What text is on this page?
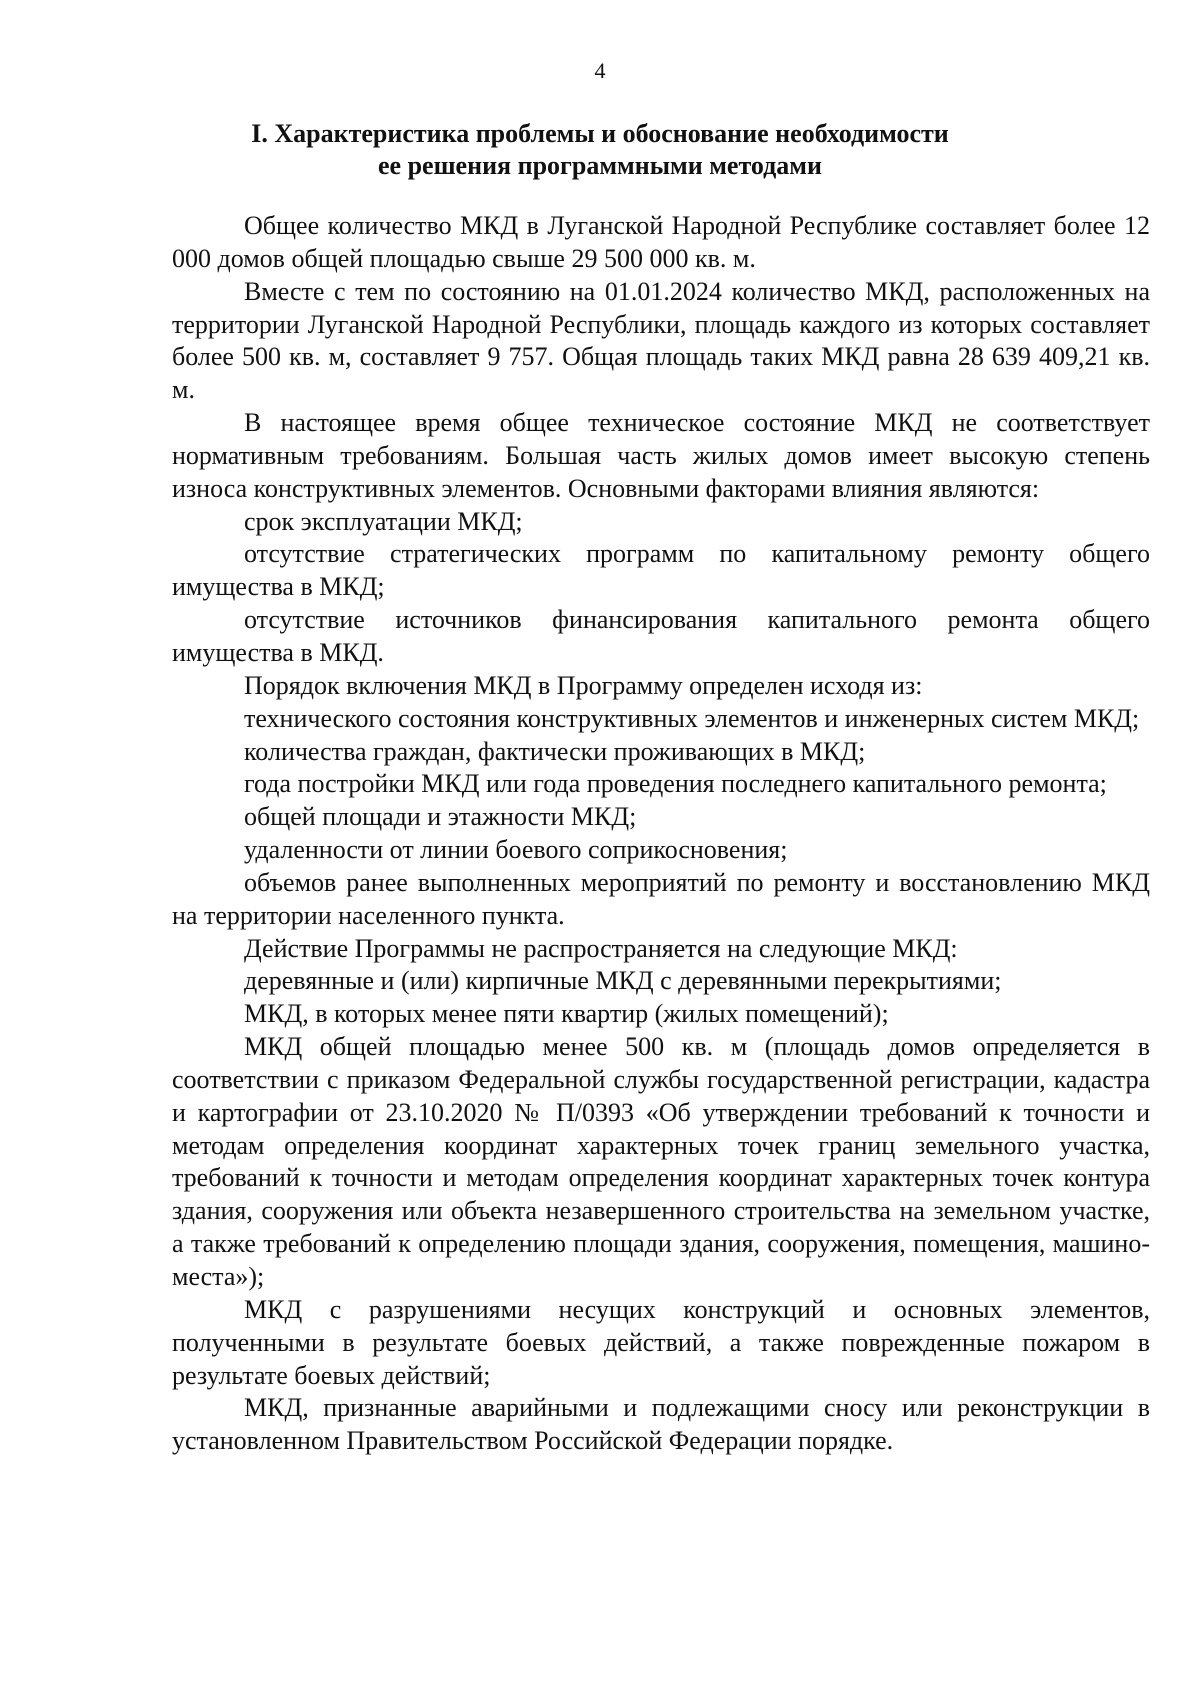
4
I. Характеристика проблемы и обоснование необходимости
ее решения программными методами

Общее количество МКД в Луганской Народной Республике составляет более 12 000 домов общей площадью свыше 29 500 000 кв. м.

Вместе с тем по состоянию на 01.01.2024 количество МКД, расположенных на территории Луганской Народной Республики, площадь каждого из которых составляет более 500 кв. м, составляет 9 757. Общая площадь таких МКД равна 28 639 409,21 кв. м.

В настоящее время общее техническое состояние МКД не соответствует нормативным требованиям. Большая часть жилых домов имеет высокую степень износа конструктивных элементов. Основными факторами влияния являются:

срок эксплуатации МКД;

отсутствие стратегических программ по капитальному ремонту общего имущества в МКД;

отсутствие источников финансирования капитального ремонта общего имущества в МКД.

Порядок включения МКД в Программу определен исходя из:

технического состояния конструктивных элементов и инженерных систем МКД;

количества граждан, фактически проживающих в МКД;

года постройки МКД или года проведения последнего капитального ремонта;

общей площади и этажности МКД;

удаленности от линии боевого соприкосновения;

объемов ранее выполненных мероприятий по ремонту и восстановлению МКД на территории населенного пункта.

Действие Программы не распространяется на следующие МКД:

деревянные и (или) кирпичные МКД с деревянными перекрытиями;

МКД, в которых менее пяти квартир (жилых помещений);

МКД общей площадью менее 500 кв. м (площадь домов определяется в соответствии с приказом Федеральной службы государственной регистрации, кадастра и картографии от 23.10.2020 № П/0393 «Об утверждении требований к точности и методам определения координат характерных точек границ земельного участка, требований к точности и методам определения координат характерных точек контура здания, сооружения или объекта незавершенного строительства на земельном участке, а также требований к определению площади здания, сооружения, помещения, машино-места»);

МКД с разрушениями несущих конструкций и основных элементов, полученными в результате боевых действий, а также поврежденные пожаром в результате боевых действий;

МКД, признанные аварийными и подлежащими сносу или реконструкции в установленном Правительством Российской Федерации порядке.
